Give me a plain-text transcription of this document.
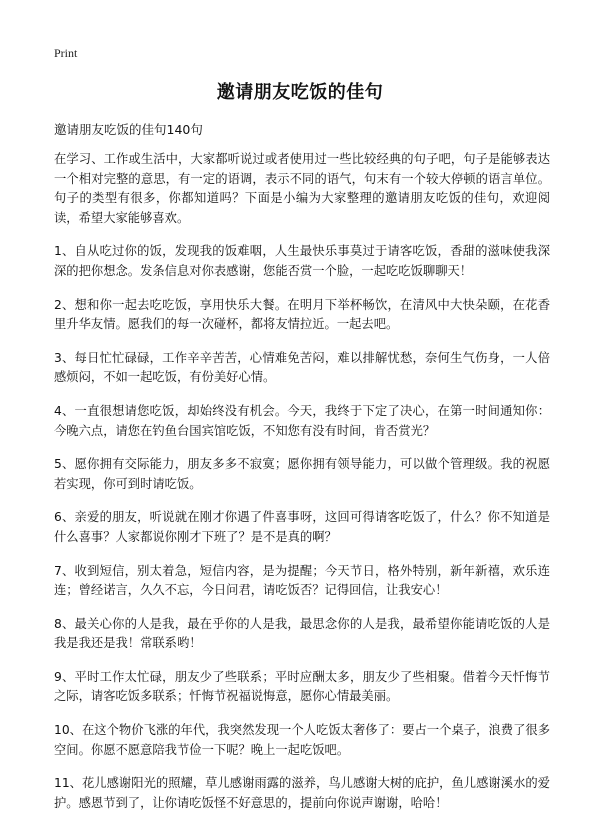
Print
邀请朋友吃饭的佳句
邀请朋友吃饭的佳句140句

在学习、工作或生活中，大家都听说过或者使用过一些比较经典的句子吧，句子是能够表达一个相对完整的意思，有一定的语调，表示不同的语气，句末有一个较大停顿的语言单位。句子的类型有很多，你都知道吗？下面是小编为大家整理的邀请朋友吃饭的佳句，欢迎阅读，希望大家能够喜欢。

1、自从吃过你的饭，发现我的饭难咽，人生最快乐事莫过于请客吃饭，香甜的滋味使我深深的把你想念。发条信息对你表感谢，您能否赏一个脸，一起吃吃饭聊聊天！

2、想和你一起去吃吃饭，享用快乐大餐。在明月下举杯畅饮，在清风中大快朵颐，在花香里升华友情。愿我们的每一次碰杯，都将友情拉近。一起去吧。

3、每日忙忙碌碌，工作辛辛苦苦，心情难免苦闷，难以排解忧愁，奈何生气伤身，一人倍感烦闷，不如一起吃饭，有份美好心情。

4、一直很想请您吃饭，却始终没有机会。今天，我终于下定了决心，在第一时间通知你：今晚六点，请您在钓鱼台国宾馆吃饭，不知您有没有时间，肯否赏光？

5、愿你拥有交际能力，朋友多多不寂寞；愿你拥有领导能力，可以做个管理级。我的祝愿若实现，你可到时请吃饭。

6、亲爱的朋友，听说就在刚才你遇了件喜事呀，这回可得请客吃饭了，什么？你不知道是什么喜事？人家都说你刚才下班了？是不是真的啊？

7、收到短信，别太着急，短信内容，是为提醒；今天节日，格外特别，新年新禧，欢乐连连；曾经诺言，久久不忘，今日问君，请吃饭否？记得回信，让我安心！

8、最关心你的人是我，最在乎你的人是我，最思念你的人是我，最希望你能请吃饭的人是我是我还是我！常联系哟！

9、平时工作太忙碌，朋友少了些联系；平时应酬太多，朋友少了些相聚。借着今天忏悔节之际，请客吃饭多联系；忏悔节祝福说悔意，愿你心情最美丽。

10、在这个物价飞涨的年代，我突然发现一个人吃饭太奢侈了：要占一个桌子，浪费了很多空间。你愿不愿意陪我节俭一下呢？晚上一起吃饭吧。

11、花儿感谢阳光的照耀，草儿感谢雨露的滋养，鸟儿感谢大树的庇护，鱼儿感谢溪水的爱护。感恩节到了，让你请吃饭怪不好意思的，提前向你说声谢谢，哈哈！
